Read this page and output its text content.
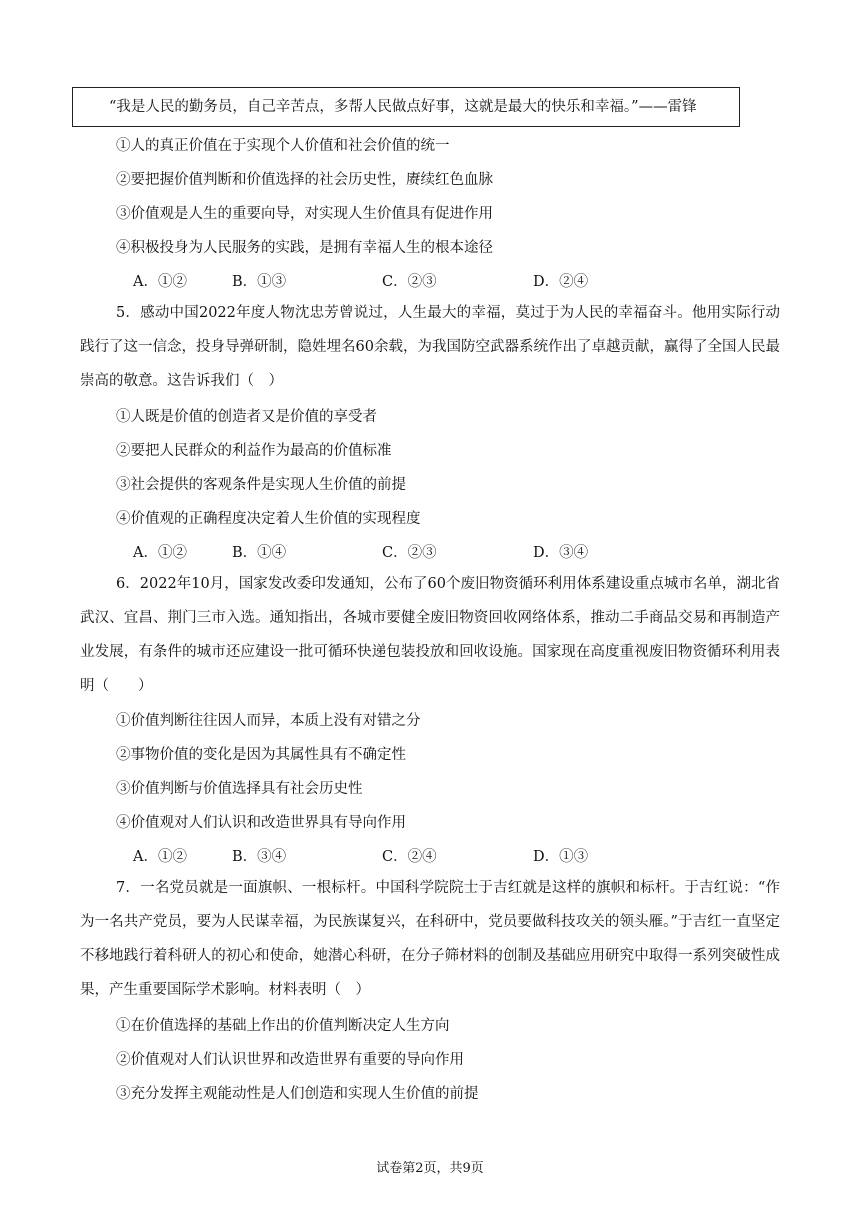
“我是人民的勤务员，自己辛苦点，多帮人民做点好事，这就是最大的快乐和幸福。”——雷锋
①人的真正价值在于实现个人价值和社会价值的统一
②要把握价值判断和价值选择的社会历史性，赓续红色血脉
③价值观是人生的重要向导，对实现人生价值具有促进作用
④积极投身为人民服务的实践，是拥有幸福人生的根本途径
A．①②	B．①③	C．②③	D．②④

5．感动中国2022年度人物沈忠芳曾说过，人生最大的幸福，莫过于为人民的幸福奋斗。他用实际行动践行了这一信念，投身导弹研制，隐姓埋名60余载，为我国防空武器系统作出了卓越贡献，赢得了全国人民最崇高的敬意。这告诉我们（　）

①人既是价值的创造者又是价值的享受者
②要把人民群众的利益作为最高的价值标准
③社会提供的客观条件是实现人生价值的前提
④价值观的正确程度决定着人生价值的实现程度
A．①②	B．①④	C．②③	D．③④

6．2022年10月，国家发改委印发通知，公布了60个废旧物资循环利用体系建设重点城市名单，湖北省武汉、宜昌、荆门三市入选。通知指出，各城市要健全废旧物资回收网络体系，推动二手商品交易和再制造产业发展，有条件的城市还应建设一批可循环快递包装投放和回收设施。国家现在高度重视废旧物资循环利用表明（　　）

①价值判断往往因人而异，本质上没有对错之分
②事物价值的变化是因为其属性具有不确定性
③价值判断与价值选择具有社会历史性
④价值观对人们认识和改造世界具有导向作用
A．①②	B．③④	C．②④	D．①③

7．一名党员就是一面旗帜、一根标杆。中国科学院院士于吉红就是这样的旗帜和标杆。于吉红说：“作为一名共产党员，要为人民谋幸福，为民族谋复兴，在科研中，党员要做科技攻关的领头雁。”于吉红一直坚定不移地践行着科研人的初心和使命，她潜心科研，在分子筛材料的创制及基础应用研究中取得一系列突破性成果，产生重要国际学术影响。材料表明（　）

①在价值选择的基础上作出的价值判断决定人生方向
②价值观对人们认识世界和改造世界有重要的导向作用
③充分发挥主观能动性是人们创造和实现人生价值的前提
试卷第2页，共9页
